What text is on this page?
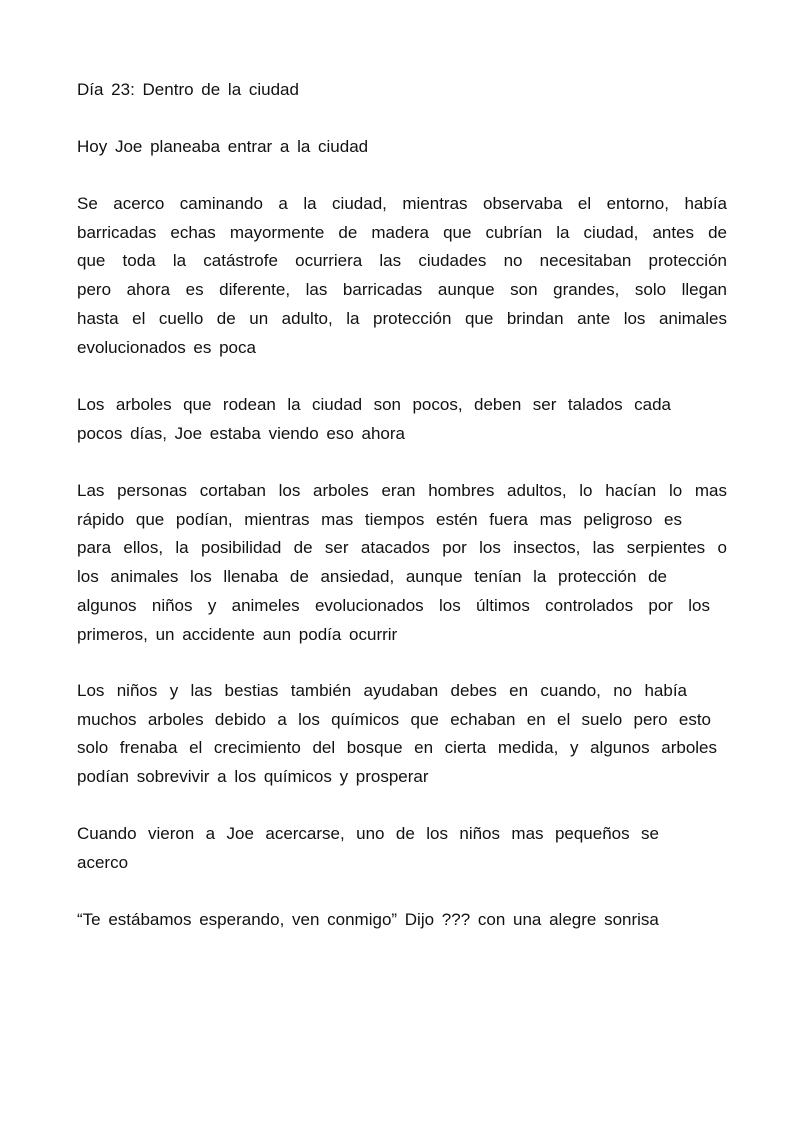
Día 23: Dentro de la ciudad
Hoy Joe planeaba entrar a la ciudad
Se acerco caminando a la ciudad, mientras observaba el entorno, había
barricadas echas mayormente de madera que cubrían la ciudad, antes de
que toda la catástrofe ocurriera las ciudades no necesitaban protección
pero ahora es diferente, las barricadas aunque son grandes, solo llegan
hasta el cuello de un adulto, la protección que brindan ante los animales
evolucionados es poca
Los arboles que rodean la ciudad son pocos, deben ser talados cada
pocos días, Joe estaba viendo eso ahora
Las personas cortaban los arboles eran hombres adultos, lo hacían lo mas
rápido que podían, mientras mas tiempos estén fuera mas peligroso es
para ellos, la posibilidad de ser atacados por los insectos, las serpientes o
los animales los llenaba de ansiedad, aunque tenían la protección de
algunos niños y animeles evolucionados los últimos controlados por los
primeros, un accidente aun podía ocurrir
Los niños y las bestias también ayudaban debes en cuando, no había
muchos arboles debido a los químicos que echaban en el suelo pero esto
solo frenaba el crecimiento del bosque en cierta medida, y algunos arboles
podían sobrevivir a los químicos y prosperar
Cuando vieron a Joe acercarse, uno de los niños mas pequeños se
acerco
“Te estábamos esperando, ven conmigo” Dijo ??? con una alegre sonrisa
